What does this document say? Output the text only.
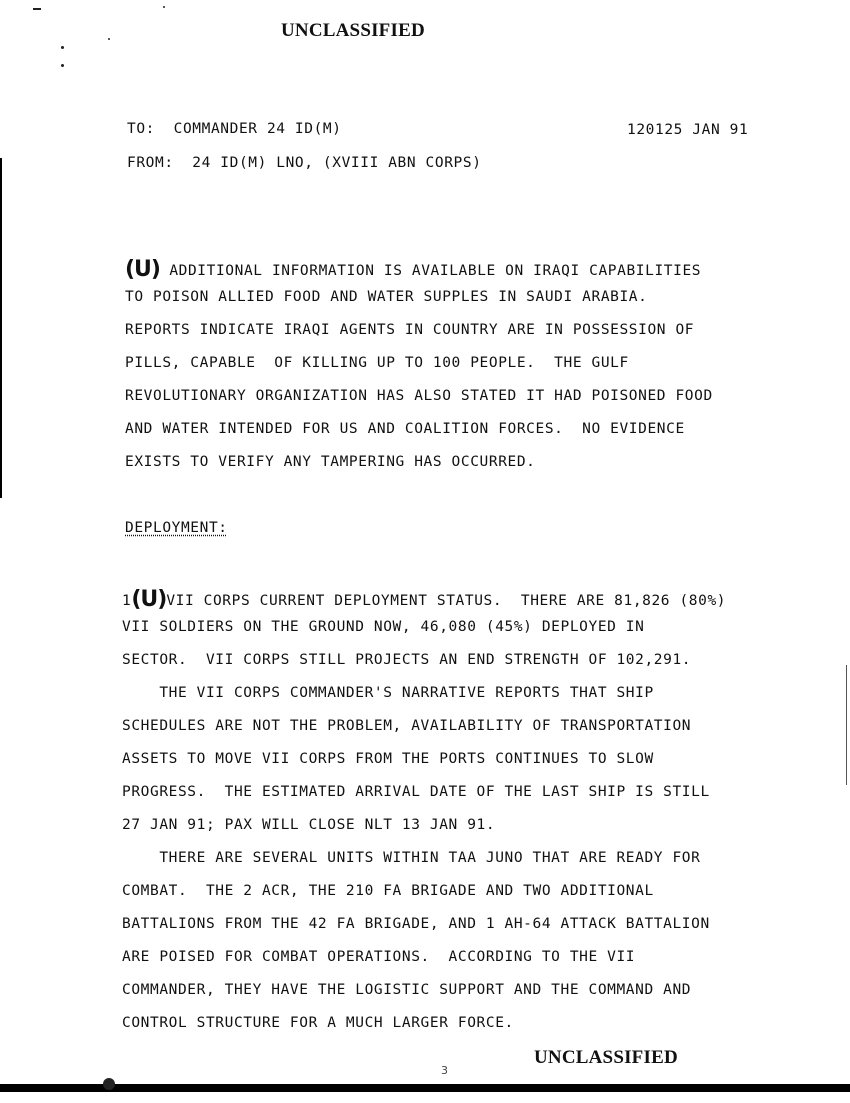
UNCLASSIFIED
TO:  COMMANDER 24 ID(M)	120125 JAN 91
FROM:  24 ID(M) LNO, (XVIII ABN CORPS)

(U) ADDITIONAL INFORMATION IS AVAILABLE ON IRAQI CAPABILITIES

TO POISON ALLIED FOOD AND WATER SUPPLES IN SAUDI ARABIA.

REPORTS INDICATE IRAQI AGENTS IN COUNTRY ARE IN POSSESSION OF

PILLS, CAPABLE  OF KILLING UP TO 100 PEOPLE.  THE GULF

REVOLUTIONARY ORGANIZATION HAS ALSO STATED IT HAD POISONED FOOD

AND WATER INTENDED FOR US AND COALITION FORCES.  NO EVIDENCE

EXISTS TO VERIFY ANY TAMPERING HAS OCCURRED.

DEPLOYMENT:

1(U)VII CORPS CURRENT DEPLOYMENT STATUS.  THERE ARE 81,826 (80%)

VII SOLDIERS ON THE GROUND NOW, 46,080 (45%) DEPLOYED IN

SECTOR.  VII CORPS STILL PROJECTS AN END STRENGTH OF 102,291.

THE VII CORPS COMMANDER'S NARRATIVE REPORTS THAT SHIP

SCHEDULES ARE NOT THE PROBLEM, AVAILABILITY OF TRANSPORTATION

ASSETS TO MOVE VII CORPS FROM THE PORTS CONTINUES TO SLOW

PROGRESS.  THE ESTIMATED ARRIVAL DATE OF THE LAST SHIP IS STILL

27 JAN 91; PAX WILL CLOSE NLT 13 JAN 91.

THERE ARE SEVERAL UNITS WITHIN TAA JUNO THAT ARE READY FOR

COMBAT.  THE 2 ACR, THE 210 FA BRIGADE AND TWO ADDITIONAL

BATTALIONS FROM THE 42 FA BRIGADE, AND 1 AH-64 ATTACK BATTALION

ARE POISED FOR COMBAT OPERATIONS.  ACCORDING TO THE VII

COMMANDER, THEY HAVE THE LOGISTIC SUPPORT AND THE COMMAND AND

CONTROL STRUCTURE FOR A MUCH LARGER FORCE.

3
UNCLASSIFIED
